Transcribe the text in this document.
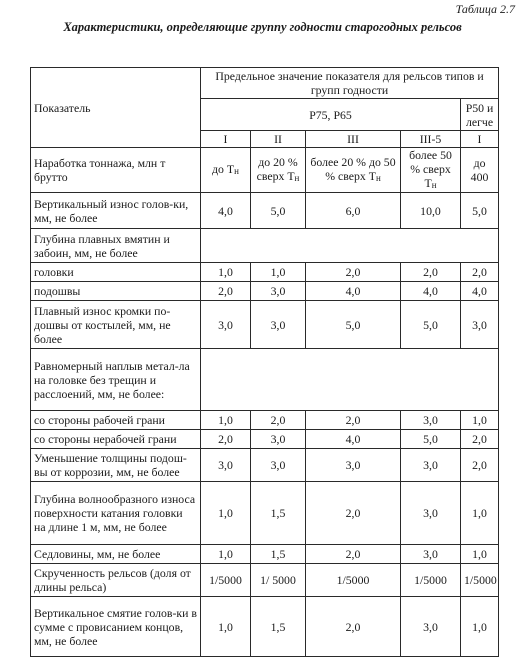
Таблица 2.7
Характеристики, определяющие группу годности старогодных рельсов
Показатель	Предельное значение показателя для рельсов типов и групп годности				
	Р75, Р65				Р50 и легче
	I	II	III	III-5	I
Наработка тоннажа, млн т брутто	до Тн	до 20 % сверх Тн	более 20 % до 50 % сверх Тн	более 50 % сверх Тн	до 400
Вертикальный износ голов-ки, мм, не более	4,0	5,0	6,0	10,0	5,0
Глубина плавных вмятин и забоин, мм, не более					
головки	1,0	1,0	2,0	2,0	2,0
подошвы	2,0	3,0	4,0	4,0	4,0
Плавный износ кромки по-дошвы от костылей, мм, не более	3,0	3,0	5,0	5,0	3,0
Равномерный наплыв метал-ла на головке без трещин и расслоений, мм, не более:					
со стороны рабочей грани	1,0	2,0	2,0	3,0	1,0
со стороны нерабочей грани	2,0	3,0	4,0	5,0	2,0
Уменьшение толщины подош-вы от коррозии, мм, не более	3,0	3,0	3,0	3,0	2,0
Глубина волнообразного износа поверхности катания головки на длине 1 м, мм, не более	1,0	1,5	2,0	3,0	1,0
Седловины, мм, не более	1,0	1,5	2,0	3,0	1,0
Скрученность рельсов (доля от длины рельса)	1/5000	1/ 5000	1/5000	1/5000	1/5000
Вертикальное смятие голов-ки в сумме с провисанием концов, мм, не более	1,0	1,5	2,0	3,0	1,0
